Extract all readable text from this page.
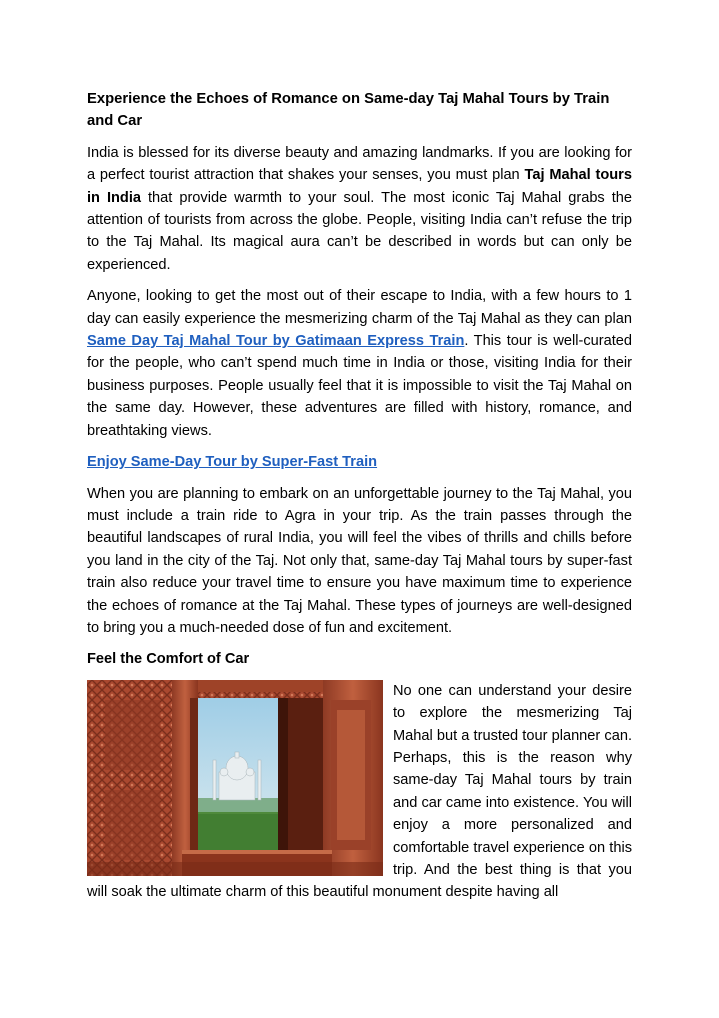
Experience the Echoes of Romance on Same-day Taj Mahal Tours by Train and Car

India is blessed for its diverse beauty and amazing landmarks. If you are looking for a perfect tourist attraction that shakes your senses, you must plan Taj Mahal tours in India that provide warmth to your soul. The most iconic Taj Mahal grabs the attention of tourists from across the globe. People, visiting India can’t refuse the trip to the Taj Mahal. Its magical aura can’t be described in words but can only be experienced.

Anyone, looking to get the most out of their escape to India, with a few hours to 1 day can easily experience the mesmerizing charm of the Taj Mahal as they can plan Same Day Taj Mahal Tour by Gatimaan Express Train. This tour is well-curated for the people, who can’t spend much time in India or those, visiting India for their business purposes. People usually feel that it is impossible to visit the Taj Mahal on the same day. However, these adventures are filled with history, romance, and breathtaking views.

Enjoy Same-Day Tour by Super-Fast Train

When you are planning to embark on an unforgettable journey to the Taj Mahal, you must include a train ride to Agra in your trip. As the train passes through the beautiful landscapes of rural India, you will feel the vibes of thrills and chills before you land in the city of the Taj. Not only that, same-day Taj Mahal tours by super-fast train also reduce your travel time to ensure you have maximum time to experience the echoes of romance at the Taj Mahal. These types of journeys are well-designed to bring you a much-needed dose of fun and excitement.

Feel the Comfort of Car

No one can understand your desire to explore the mesmerizing Taj Mahal but a trusted tour planner can. Perhaps, this is the reason why same-day Taj Mahal tours by train and car came into existence. You will enjoy a more personalized and comfortable travel experience on this trip. And the best thing is that you will soak the ultimate charm of this beautiful monument despite having all
